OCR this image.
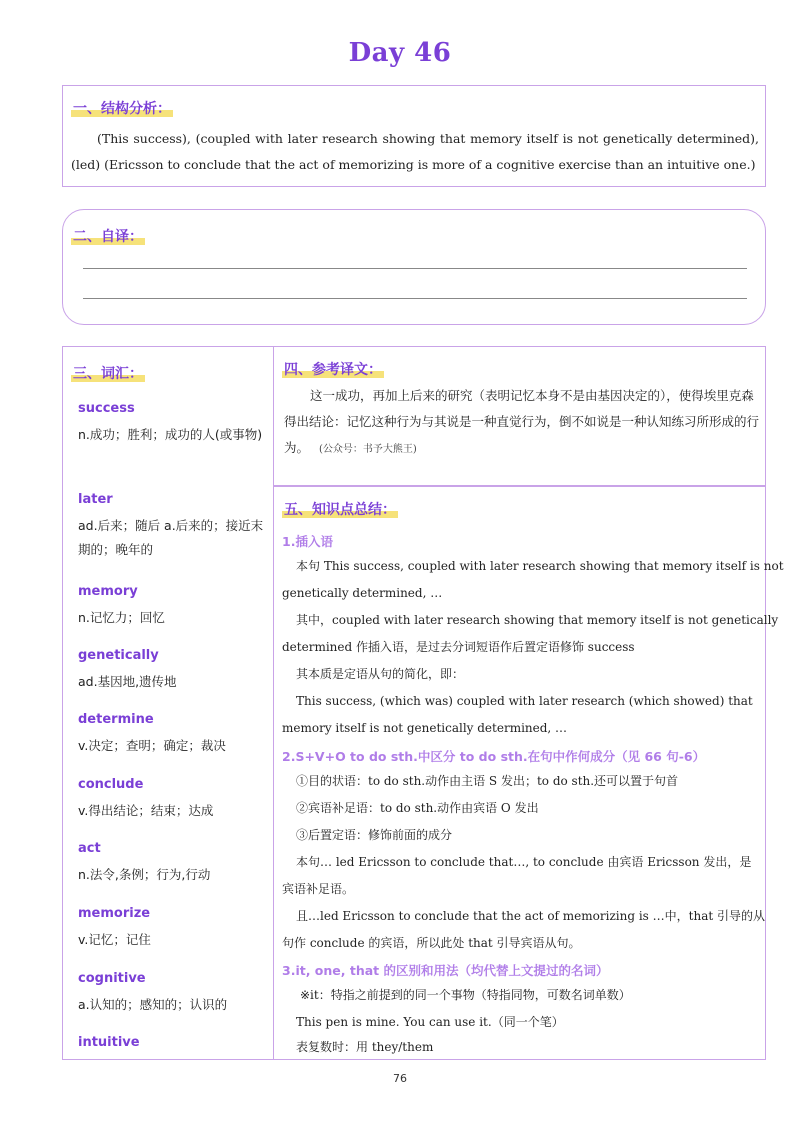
Day 46
一、结构分析：
(This success), (coupled with later research showing that memory itself is not genetically determined), (led) (Ericsson to conclude that the act of memorizing is more of a cognitive exercise than an intuitive one.)
二、自译：
三、词汇：
success
n.成功；胜利；成功的人(或事物)
later
ad.后来；随后 a.后来的；接近末期的；晚年的
memory
n.记忆力；回忆
genetically
ad.基因地,遗传地
determine
v.决定；查明；确定；裁决
conclude
v.得出结论；结束；达成
act
n.法令,条例；行为,行动
memorize
v.记忆；记住
cognitive
a.认知的；感知的；认识的
intuitive
四、参考译文：
这一成功，再加上后来的研究（表明记忆本身不是由基因决定的），使得埃里克森得出结论：记忆这种行为与其说是一种直觉行为，倒不如说是一种认知练习所形成的行为。 (公众号：书予大熊王)
五、知识点总结：
1.插入语
本句 This success, coupled with later research showing that memory itself is not
genetically determined, …
其中，coupled with later research showing that memory itself is not genetically
determined 作插入语，是过去分词短语作后置定语修饰 success
其本质是定语从句的简化，即：
This success, (which was) coupled with later research (which showed) that
memory itself is not genetically determined, …
2.S+V+O to do sth.中区分 to do sth.在句中作何成分（见 66 句-6）
①目的状语：to do sth.动作由主语 S 发出；to do sth.还可以置于句首
②宾语补足语：to do sth.动作由宾语 O 发出
③后置定语：修饰前面的成分
本句… led Ericsson to conclude that…, to conclude 由宾语 Ericsson 发出，是
宾语补足语。
且…led Ericsson to conclude that the act of memorizing is …中，that 引导的从
句作 conclude 的宾语，所以此处 that 引导宾语从句。
3.it, one, that 的区别和用法（均代替上文提过的名词）
※it：特指之前提到的同一个事物（特指同物，可数名词单数）
This pen is mine. You can use it.（同一个笔）
表复数时：用 they/them
76
